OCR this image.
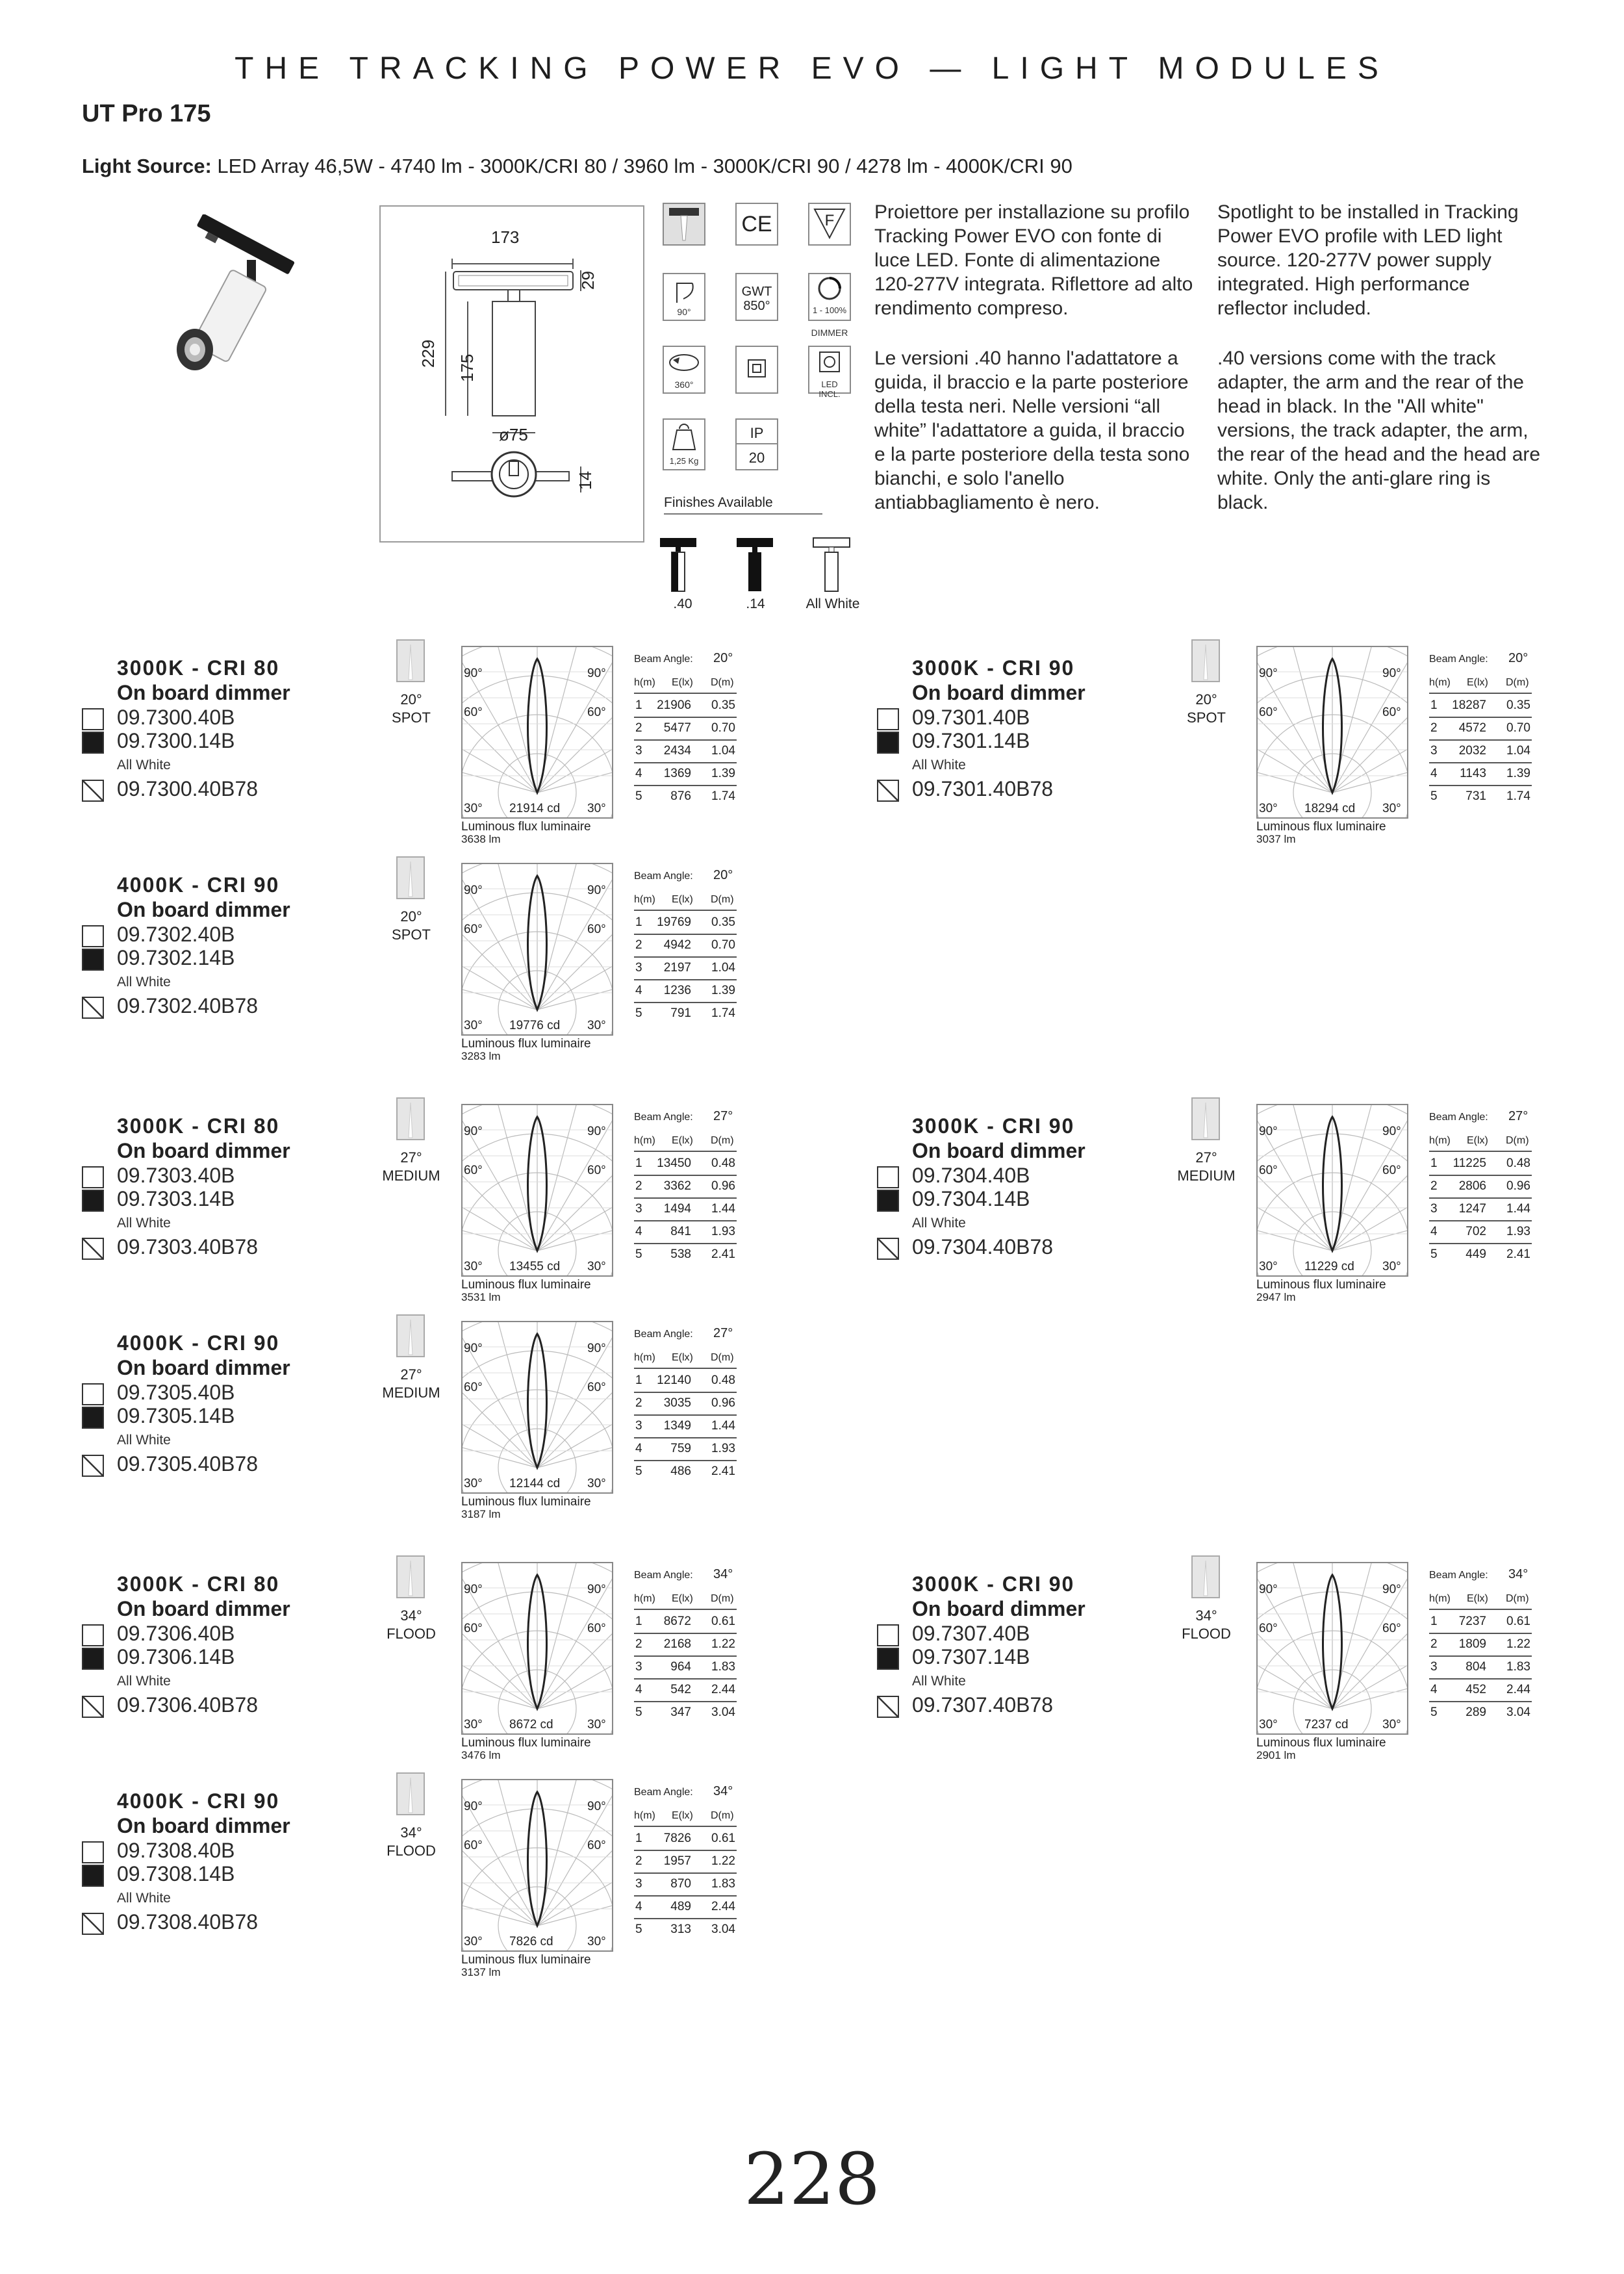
THE TRACKING POWER EVO — LIGHT MODULES
UT Pro 175
Light Source: LED Array 46,5W - 4740 lm - 3000K/CRI 80 / 3960 lm - 3000K/CRI 90 / 4278 lm - 4000K/CRI 90
173
29
229
175
ø75
14
CE	F
90°
GWT
850°	1 - 100%
DIMMER
360°	LED INCL.
1,25 Kg
IP
20
Finishes Available
.40	.14	All White

Proiettore per installazione su profilo Tracking Power EVO con fonte di luce LED. Fonte di alimentazione 120-277V integrata. Riflettore ad alto rendimento compreso.

Le versioni .40 hanno l'adattatore a guida, il braccio e la parte posteriore della testa neri. Nelle versioni “all white” l'adattatore a guida, il braccio e la parte posteriore della testa sono bianchi, e solo l'anello antiabbagliamento è nero.

Spotlight to be installed in Tracking Power EVO profile with LED light source. 120-277V power supply integrated. High performance reflector included.

.40 versions come with the track adapter, the arm and the rear of the head in black. In the "All white" versions, the track adapter, the arm, the rear of the head and the head are white. Only the anti-glare ring is black.

3000K - CRI 80
On board dimmer
09.7300.40B
09.7300.14B
All White
09.7300.40B78
20°
SPOT
90°	90°
60°	60°
30°	30°
21914 cd
Luminous flux luminaire
3638 lm
Beam Angle: 20°
h(m) E(lx) D(m)
1 21906 0.35
2 5477 0.70
3 2434 1.04
4 1369 1.39
5 876 1.74
3000K - CRI 90
On board dimmer
09.7301.40B
09.7301.14B
All White
09.7301.40B78
20°
SPOT
90°	90°
60°	60°
30°	30°
18294 cd
Luminous flux luminaire
3037 lm
Beam Angle: 20°
h(m) E(lx) D(m)
1 18287 0.35
2 4572 0.70
3 2032 1.04
4 1143 1.39
5 731 1.74
4000K - CRI 90
On board dimmer
09.7302.40B
09.7302.14B
All White
09.7302.40B78
20°
SPOT
90°	90°
60°	60°
30°	30°
19776 cd
Luminous flux luminaire
3283 lm
Beam Angle: 20°
h(m) E(lx) D(m)
1 19769 0.35
2 4942 0.70
3 2197 1.04
4 1236 1.39
5 791 1.74
3000K - CRI 80
On board dimmer
09.7303.40B
09.7303.14B
All White
09.7303.40B78
27°
MEDIUM
90°	90°
60°	60°
30°	30°
13455 cd
Luminous flux luminaire
3531 lm
Beam Angle: 27°
h(m) E(lx) D(m)
1 13450 0.48
2 3362 0.96
3 1494 1.44
4 841 1.93
5 538 2.41
3000K - CRI 90
On board dimmer
09.7304.40B
09.7304.14B
All White
09.7304.40B78
27°
MEDIUM
90°	90°
60°	60°
30°	30°
11229 cd
Luminous flux luminaire
2947 lm
Beam Angle: 27°
h(m) E(lx) D(m)
1 11225 0.48
2 2806 0.96
3 1247 1.44
4 702 1.93
5 449 2.41
4000K - CRI 90
On board dimmer
09.7305.40B
09.7305.14B
All White
09.7305.40B78
27°
MEDIUM
90°	90°
60°	60°
30°	30°
12144 cd
Luminous flux luminaire
3187 lm
Beam Angle: 27°
h(m) E(lx) D(m)
1 12140 0.48
2 3035 0.96
3 1349 1.44
4 759 1.93
5 486 2.41
3000K - CRI 80
On board dimmer
09.7306.40B
09.7306.14B
All White
09.7306.40B78
34°
FLOOD
90°	90°
60°	60°
30°	30°
8672 cd
Luminous flux luminaire
3476 lm
Beam Angle: 34°
h(m) E(lx) D(m)
1 8672 0.61
2 2168 1.22
3 964 1.83
4 542 2.44
5 347 3.04
3000K - CRI 90
On board dimmer
09.7307.40B
09.7307.14B
All White
09.7307.40B78
34°
FLOOD
90°	90°
60°	60°
30°	30°
7237 cd
Luminous flux luminaire
2901 lm
Beam Angle: 34°
h(m) E(lx) D(m)
1 7237 0.61
2 1809 1.22
3 804 1.83
4 452 2.44
5 289 3.04
4000K - CRI 90
On board dimmer
09.7308.40B
09.7308.14B
All White
09.7308.40B78
34°
FLOOD
90°	90°
60°	60°
30°	30°
7826 cd
Luminous flux luminaire
3137 lm
Beam Angle: 34°
h(m) E(lx) D(m)
1 7826 0.61
2 1957 1.22
3 870 1.83
4 489 2.44
5 313 3.04
228
